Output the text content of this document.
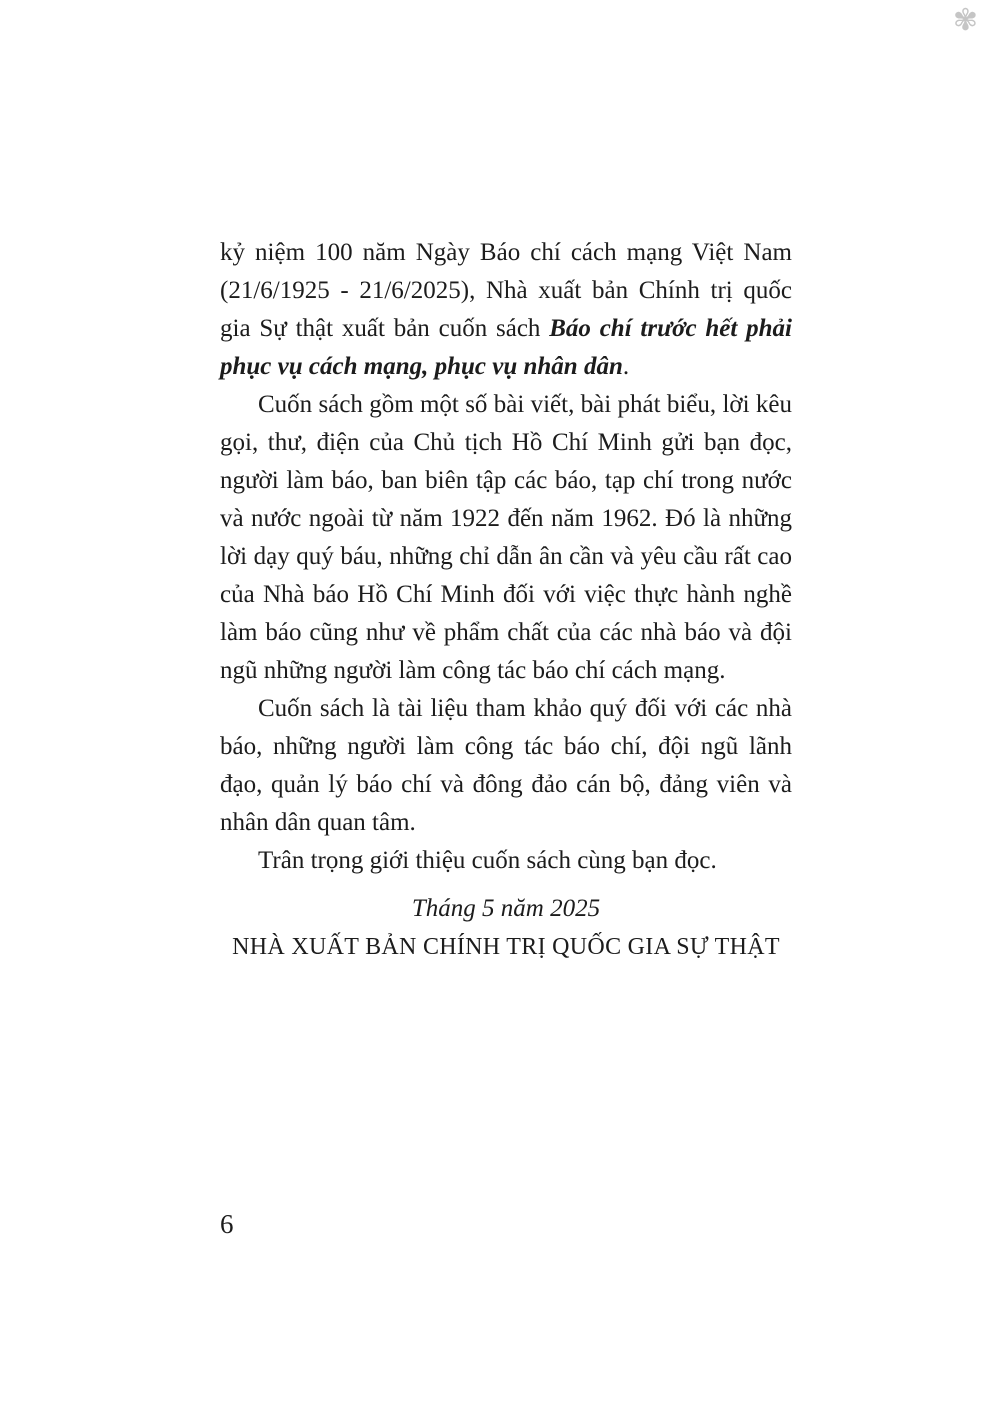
✾

kỷ niệm 100 năm Ngày Báo chí cách mạng Việt Nam (21/6/1925 - 21/6/2025), Nhà xuất bản Chính trị quốc gia Sự thật xuất bản cuốn sách Báo chí trước hết phải phục vụ cách mạng, phục vụ nhân dân.

Cuốn sách gồm một số bài viết, bài phát biểu, lời kêu gọi, thư, điện của Chủ tịch Hồ Chí Minh gửi bạn đọc, người làm báo, ban biên tập các báo, tạp chí trong nước và nước ngoài từ năm 1922 đến năm 1962. Đó là những lời dạy quý báu, những chỉ dẫn ân cần và yêu cầu rất cao của Nhà báo Hồ Chí Minh đối với việc thực hành nghề làm báo cũng như về phẩm chất của các nhà báo và đội ngũ những người làm công tác báo chí cách mạng.

Cuốn sách là tài liệu tham khảo quý đối với các nhà báo, những người làm công tác báo chí, đội ngũ lãnh đạo, quản lý báo chí và đông đảo cán bộ, đảng viên và nhân dân quan tâm.

Trân trọng giới thiệu cuốn sách cùng bạn đọc.

Tháng 5 năm 2025

NHÀ XUẤT BẢN CHÍNH TRỊ QUỐC GIA SỰ THẬT

6
